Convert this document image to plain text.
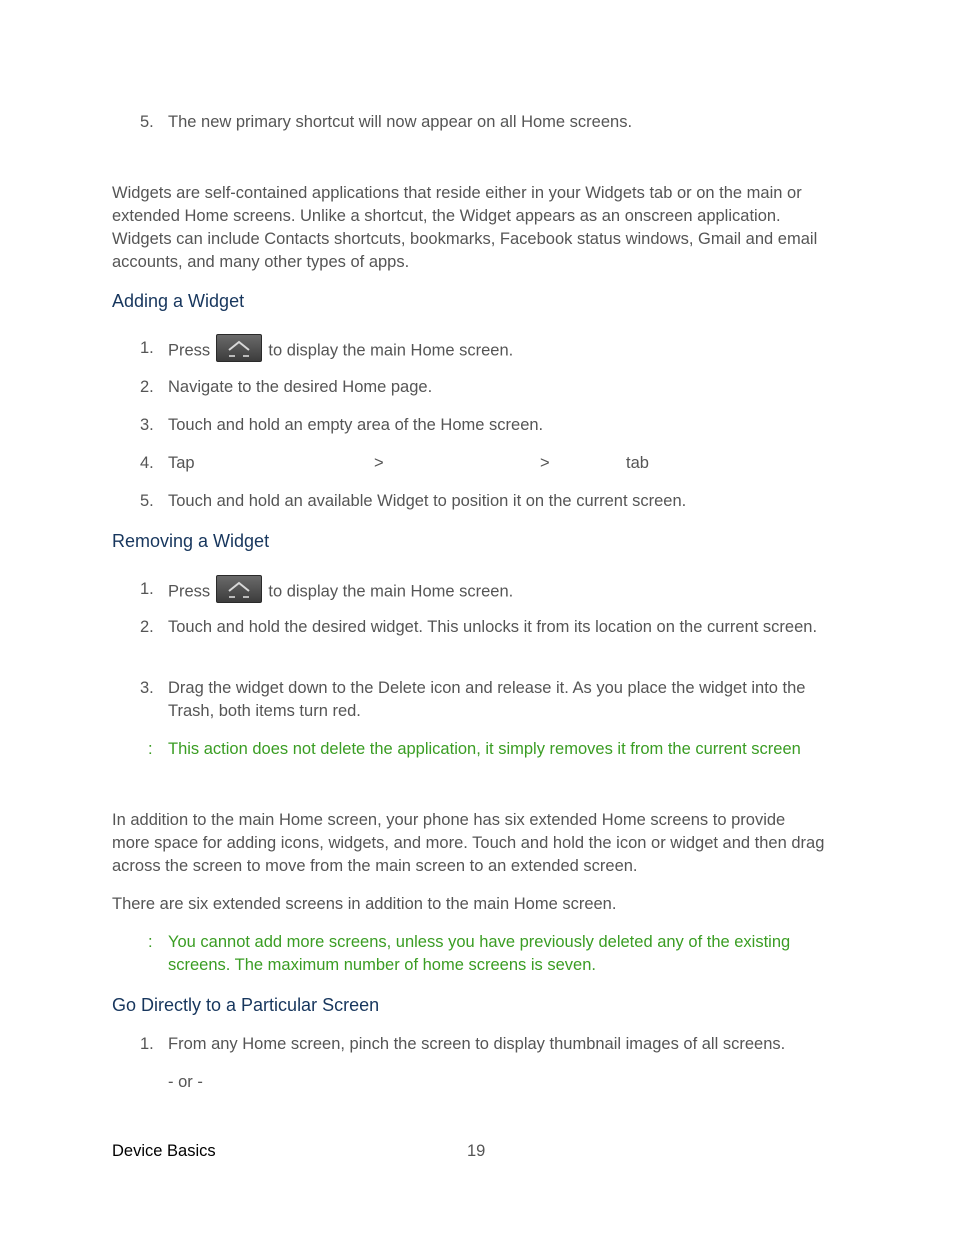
5. The new primary shortcut will now appear on all Home screens.
Widgets are self-contained applications that reside either in your Widgets tab or on the main or extended Home screens. Unlike a shortcut, the Widget appears as an onscreen application. Widgets can include Contacts shortcuts, bookmarks, Facebook status windows, Gmail and email accounts, and many other types of apps.
Adding a Widget
1. Press	to display the main Home screen.
2. Navigate to the desired Home page.
3. Touch and hold an empty area of the Home screen.
4. Tap	>	>	tab
5. Touch and hold an available Widget to position it on the current screen.
Removing a Widget
1. Press	to display the main Home screen.
2. Touch and hold the desired widget. This unlocks it from its location on the current screen.
3. Drag the widget down to the Delete icon and release it. As you place the widget into the Trash, both items turn red.
: This action does not delete the application, it simply removes it from the current screen
In addition to the main Home screen, your phone has six extended Home screens to provide more space for adding icons, widgets, and more. Touch and hold the icon or widget and then drag across the screen to move from the main screen to an extended screen.
There are six extended screens in addition to the main Home screen.
: You cannot add more screens, unless you have previously deleted any of the existing screens. The maximum number of home screens is seven.
Go Directly to a Particular Screen
1. From any Home screen, pinch the screen to display thumbnail images of all screens.
- or -
Device Basics	19
